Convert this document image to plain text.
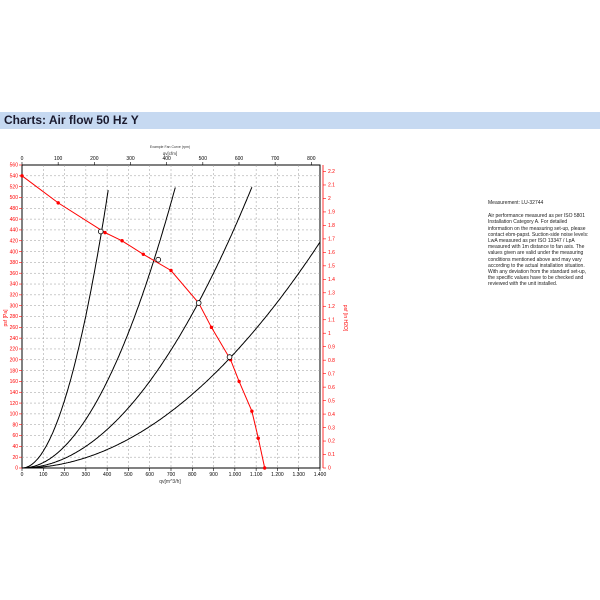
Charts: Air flow 50 Hz Y
Example Fan Curve (rpm)
qv[cfm]
qv[m^3/h]
psf [Pa]	psf [in H2O]
0	100	200	300	400	500	600	700	800	900 1.000 1.100 1.200 1.300 1.400
0	100	200	300	400	500	600	700	800
0
20
40
60
80
100
120
140
160
180
200
220
240
260
280
300
320
340
360
380
400
420
440
460
480
500
520
540
560
0
0.1
0.2
0.3
0.4
0.5
0.6
0.7
0.8
0.9
1
1.1
1.2
1.3
1.4
1.5
1.6
1.7
1.8
1.9
2
2.1
2.2
Measurement: LU-32744
Air performance measured as per ISO 5801 Installation Category A. For detailed information on the measuring set-up, please contact ebm-papst. Suction-side noise levels: LwA measured as per ISO 13347 / LpA measured with 1m distance to fan axis. The values given are valid under the measuring conditions mentioned above and may vary according to the actual installation situation. With any deviation from the standard set-up, the specific values have to be checked and reviewed with the unit installed.
